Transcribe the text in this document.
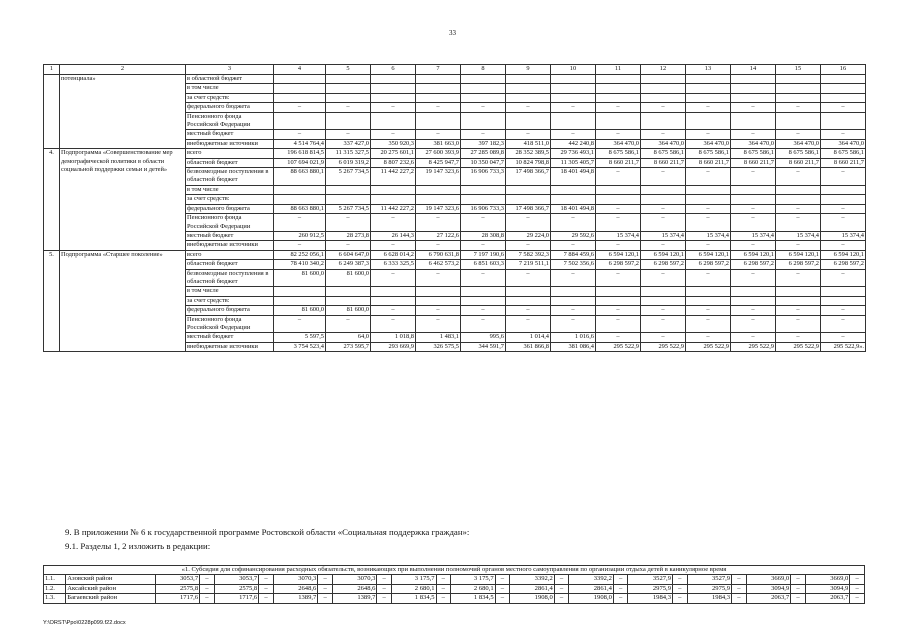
33
1	2	3	4	5	6	7	8	9	10	11	12	13	14	15	16
	потенциала»	в областной бюджет													
		в том числе													
		за счет средств:													
		федерального бюджета	–	–	–	–	–	–	–	–	–	–	–	–	–
		Пенсионного фонда Российской Федерации													
		местный бюджет	–	–	–	–	–	–	–	–	–	–	–	–	–
		внебюджетные источники	4 514 764,4	337 427,0	350 920,3	381 663,0	397 182,3	418 511,0	442 240,8	364 470,0	364 470,0	364 470,0	364 470,0	364 470,0	364 470,0
4.	Подпрограмма «Совершенствование мер демографической политики в области социальной поддержки семьи и детей»	всего	196 618 814,5	11 315 327,5	20 275 601,1	27 600 393,9	27 285 089,8	28 352 389,5	29 736 493,1	8 675 586,1	8 675 586,1	8 675 586,1	8 675 586,1	8 675 586,1	8 675 586,1
		областной бюджет	107 694 021,9	6 019 319,2	8 807 232,6	8 425 947,7	10 350 047,7	10 824 798,8	11 305 405,7	8 660 211,7	8 660 211,7	8 660 211,7	8 660 211,7	8 660 211,7	8 660 211,7
		безвозмездные поступления в областной бюджет	88 663 880,1	5 267 734,5	11 442 227,2	19 147 323,6	16 906 733,3	17 498 366,7	18 401 494,8	–	–	–	–	–	–
		в том числе													
		за счет средств:													
		федерального бюджета	88 663 880,1	5 267 734,5	11 442 227,2	19 147 323,6	16 906 733,3	17 498 366,7	18 401 494,8	–	–	–	–	–	–
		Пенсионного фонда Российской Федерации	–	–	–	–	–	–	–	–	–	–	–	–	–
		местный бюджет	260 912,5	28 273,8	26 144,3	27 122,6	28 308,8	29 224,0	29 592,6	15 374,4	15 374,4	15 374,4	15 374,4	15 374,4	15 374,4
		внебюджетные источники	–	–	–	–	–	–	–	–	–	–	–	–	–
5.	Подпрограмма «Старшее поколение»	всего	82 252 056,1	6 604 647,0	6 628 014,2	6 790 631,8	7 197 190,6	7 582 392,3	7 884 459,6	6 594 120,1	6 594 120,1	6 594 120,1	6 594 120,1	6 594 120,1	6 594 120,1
		областной бюджет	78 410 340,2	6 249 387,3	6 333 325,5	6 462 573,2	6 851 603,3	7 219 511,1	7 502 356,6	6 298 597,2	6 298 597,2	6 298 597,2	6 298 597,2	6 298 597,2	6 298 597,2
		безвозмездные поступления в областной бюджет	81 600,0	81 600,0	–	–	–	–	–	–	–	–	–	–	–
		в том числе													
		за счет средств:													
		федерального бюджета	81 600,0	81 600,0	–	–	–	–	–	–	–	–	–	–	–
		Пенсионного фонда Российской Федерации	–	–	–	–	–	–	–	–	–	–	–	–	–
		местный бюджет	5 597,5	64,0	1 018,8	1 483,1	995,6	1 014,4	1 016,6	–	–	–	–	–	–
		внебюджетные источники	3 754 523,4	273 595,7	293 669,9	326 575,5	344 591,7	361 866,8	381 086,4	295 522,9	295 522,9	295 522,9	295 522,9	295 522,9	295 522,9».
9. В приложении № 6 к государственной программе Ростовской области «Социальная поддержка граждан»:
9.1. Разделы 1, 2 изложить в редакции:
«1. Субсидия для софинансирования расходных обязательств, возникающих при выполнении полномочий органов местного самоуправления по организации отдыха детей в каникулярное время																									
1.1.	Азовский район	3053,7	–	3053,7	–	3070,3	–	3070,3	–	3 175,7	–	3 175,7	–	3392,2	–	3392,2	–	3527,9	–	3527,9	–	3669,0	–	3669,0	–
1.2.	Аксайский район	2575,8	–	2575,8	–	2648,6	–	2648,6	–	2 680,1	–	2 680,1	–	2861,4	–	2861,4	–	2975,9	–	2975,9	–	3094,9	–	3094,9	–
1.3.	Багаевский район	1717,6	–	1717,6	–	1389,7	–	1389,7	–	1 834,5	–	1 834,5	–	1908,0	–	1908,0	–	1984,3	–	1984,3	–	2063,7	–	2063,7	–
Y:\ORST\Ppo\0228p099.f22.docx
